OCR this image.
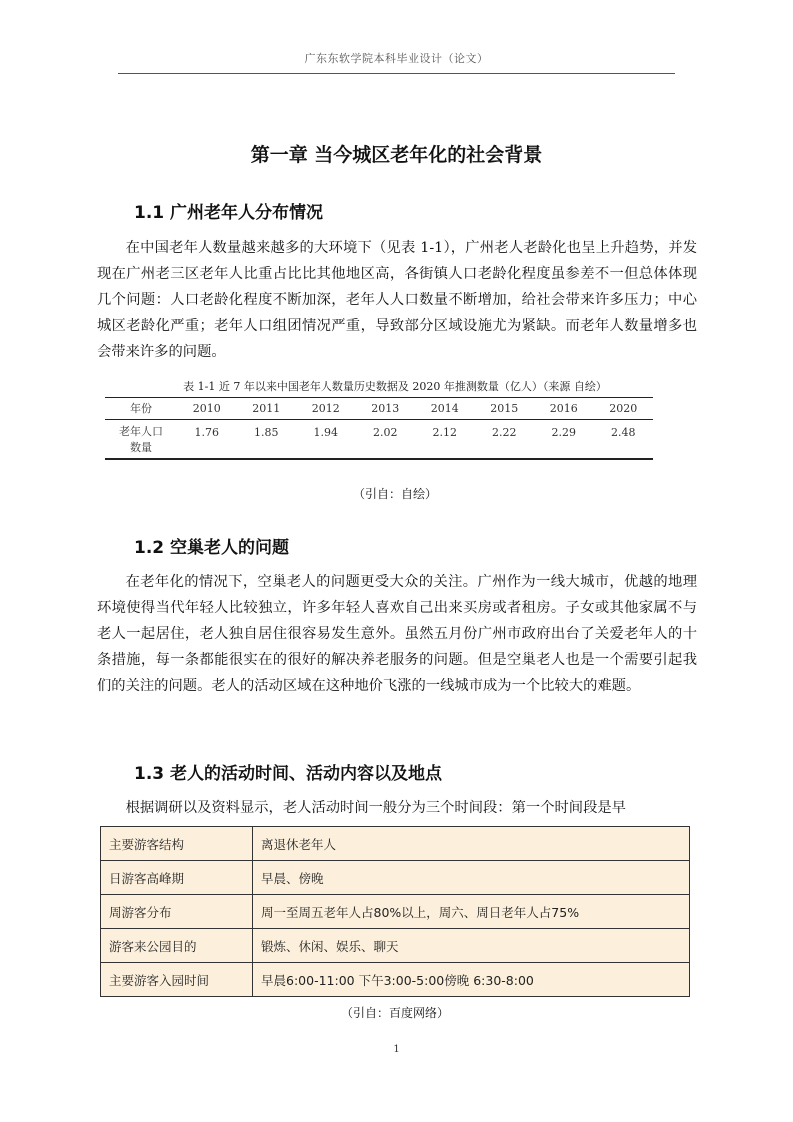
广东东软学院本科毕业设计（论文）
第一章 当今城区老年化的社会背景
1.1 广州老年人分布情况
在中国老年人数量越来越多的大环境下（见表 1-1），广州老人老龄化也呈上升趋势，并发现在广州老三区老年人比重占比比其他地区高，各街镇人口老龄化程度虽参差不一但总体体现几个问题：人口老龄化程度不断加深，老年人人口数量不断增加，给社会带来许多压力；中心城区老龄化严重；老年人口组团情况严重，导致部分区域设施尤为紧缺。而老年人数量增多也会带来许多的问题。
表 1-1 近 7 年以来中国老年人数量历史数据及 2020 年推测数量（亿人）（来源 自绘）
年份	2010	2011	2012	2013	2014	2015	2016	2020
老年人口
数量	1.76	1.85	1.94	2.02	2.12	2.22	2.29	2.48
（引自：自绘）
1.2 空巢老人的问题
在老年化的情况下，空巢老人的问题更受大众的关注。广州作为一线大城市，优越的地理环境使得当代年轻人比较独立，许多年轻人喜欢自己出来买房或者租房。子女或其他家属不与老人一起居住，老人独自居住很容易发生意外。虽然五月份广州市政府出台了关爱老年人的十条措施，每一条都能很实在的很好的解决养老服务的问题。但是空巢老人也是一个需要引起我们的关注的问题。老人的活动区域在这种地价飞涨的一线城市成为一个比较大的难题。
1.3 老人的活动时间、活动内容以及地点
根据调研以及资料显示，老人活动时间一般分为三个时间段：第一个时间段是早
主要游客结构	离退休老年人
日游客高峰期	早晨、傍晚
周游客分布	周一至周五老年人占80%以上，周六、周日老年人占75%
游客来公园目的	锻炼、休闲、娱乐、聊天
主要游客入园时间	早晨6:00-11:00 下午3:00-5:00傍晚 6:30-8:00
（引自：百度网络）
1
